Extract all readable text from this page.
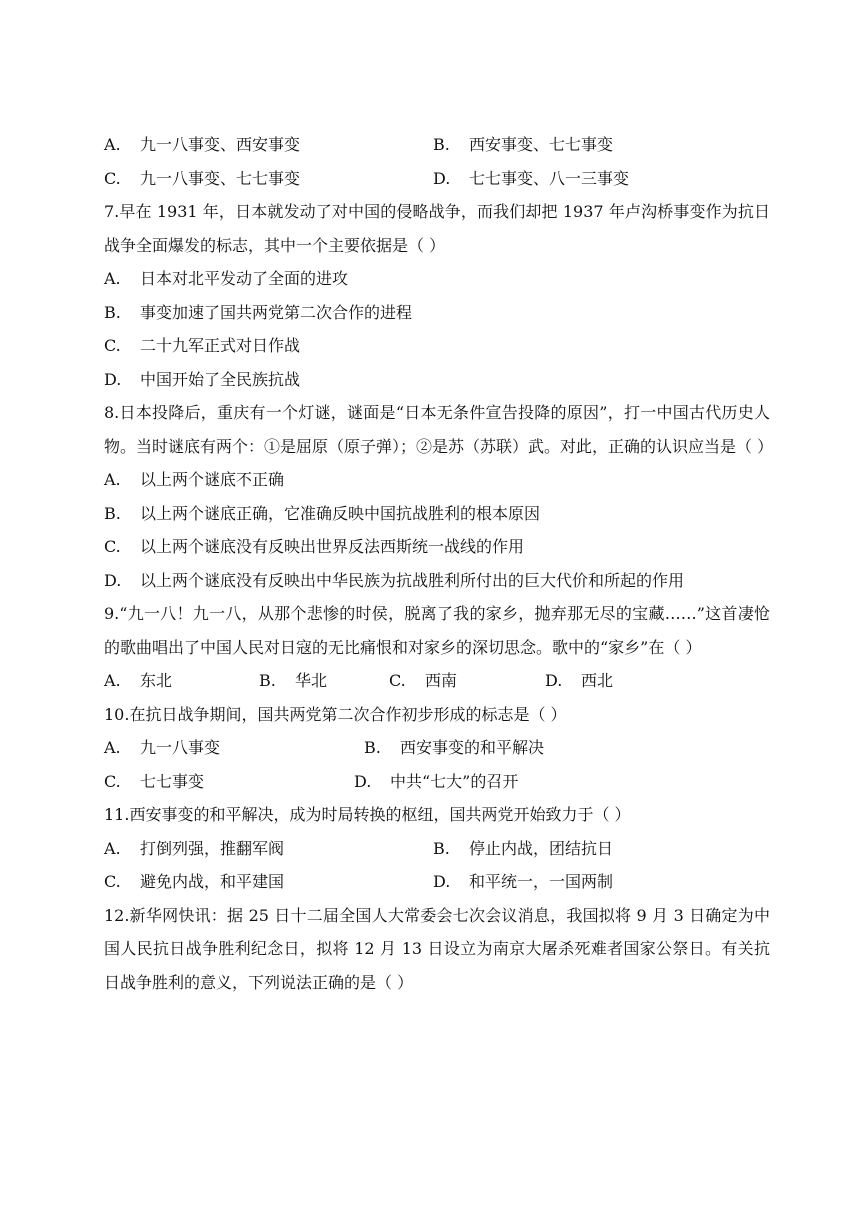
A. 九一八事变、西安事变	B. 西安事变、七七事变
C. 九一八事变、七七事变	D. 七七事变、八一三事变
7.早在 1931 年，日本就发动了对中国的侵略战争，而我们却把 1937 年卢沟桥事变作为抗日战争全面爆发的标志，其中一个主要依据是（ ）
A. 日本对北平发动了全面的进攻
B. 事变加速了国共两党第二次合作的进程
C. 二十九军正式对日作战
D. 中国开始了全民族抗战
8.日本投降后，重庆有一个灯谜，谜面是“日本无条件宣告投降的原因”，打一中国古代历史人物。当时谜底有两个：①是屈原（原子弹）；②是苏（苏联）武。对此，正确的认识应当是（ ）
A. 以上两个谜底不正确
B. 以上两个谜底正确，它准确反映中国抗战胜利的根本原因
C. 以上两个谜底没有反映出世界反法西斯统一战线的作用
D. 以上两个谜底没有反映出中华民族为抗战胜利所付出的巨大代价和所起的作用
9.“九一八！九一八，从那个悲惨的时侯，脱离了我的家乡，抛弃那无尽的宝藏……”这首凄怆的歌曲唱出了中国人民对日寇的无比痛恨和对家乡的深切思念。歌中的“家乡”在（ ）
A. 东北	B. 华北	C. 西南	D. 西北
10.在抗日战争期间，国共两党第二次合作初步形成的标志是（ ）
A. 九一八事变	B. 西安事变的和平解决
C. 七七事变	D. 中共“七大”的召开
11.西安事变的和平解决，成为时局转换的枢纽，国共两党开始致力于（ ）
A. 打倒列强，推翻军阀	B. 停止内战，团结抗日
C. 避免内战，和平建国	D. 和平统一，一国两制
12.新华网快讯：据 25 日十二届全国人大常委会七次会议消息，我国拟将 9 月 3 日确定为中国人民抗日战争胜利纪念日，拟将 12 月 13 日设立为南京大屠杀死难者国家公祭日。有关抗日战争胜利的意义，下列说法正确的是（ ）
